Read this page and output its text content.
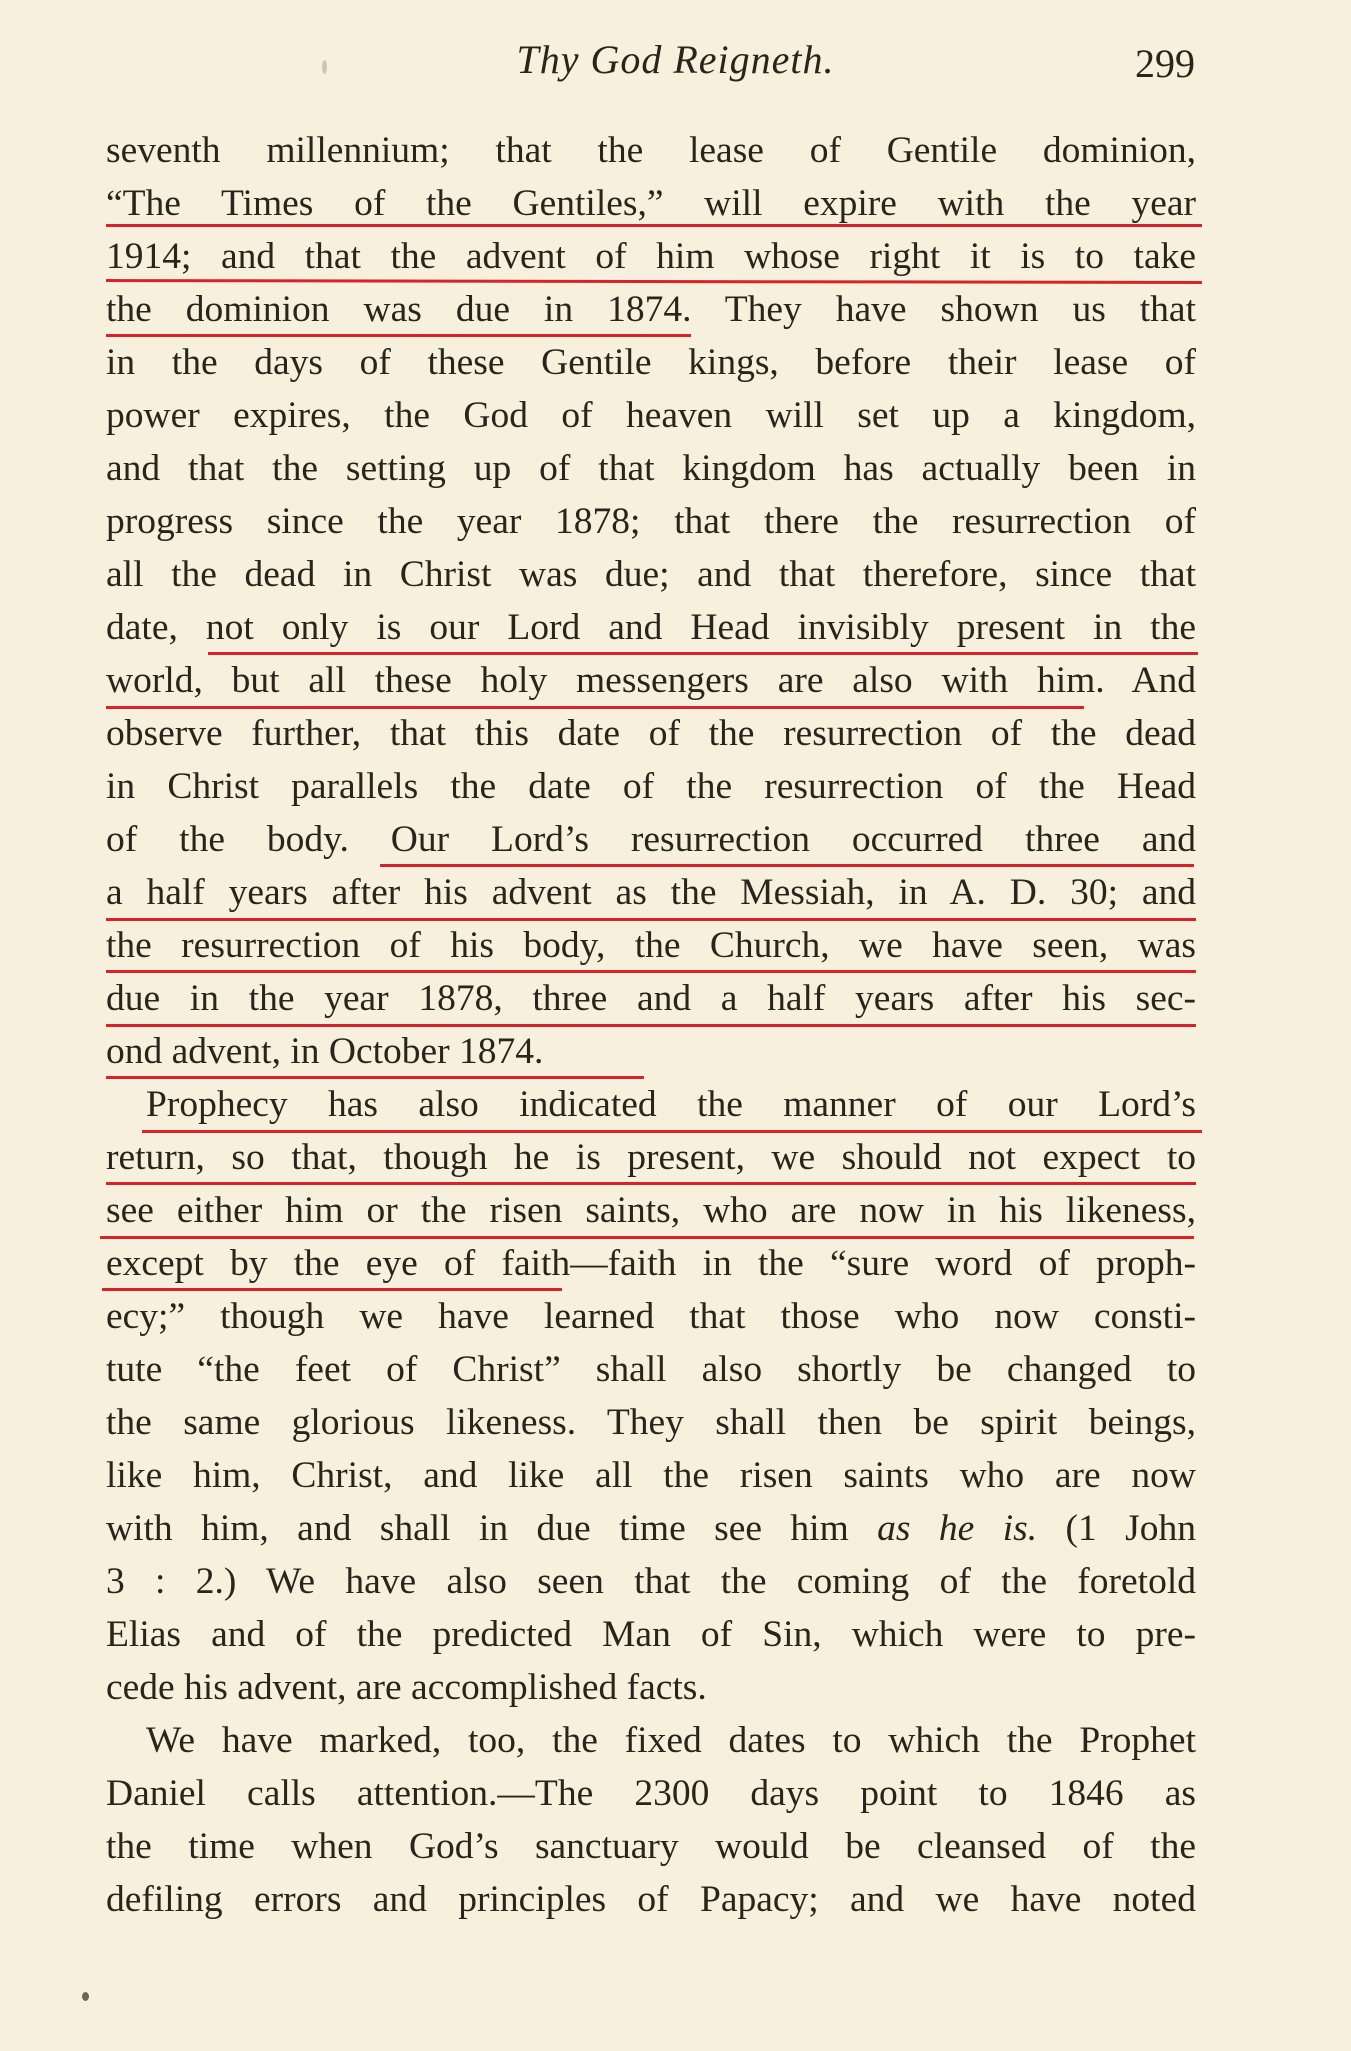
Thy God Reigneth.	299
seventh millennium; that the lease of Gentile dominion,
“The Times of the Gentiles,” will expire with the year
1914; and that the advent of him whose right it is to take
the dominion was due in 1874. They have shown us that
in the days of these Gentile kings, before their lease of
power expires, the God of heaven will set up a kingdom,
and that the setting up of that kingdom has actually been in
progress since the year 1878; that there the resurrection of
all the dead in Christ was due; and that therefore, since that
date, not only is our Lord and Head invisibly present in the
world, but all these holy messengers are also with him. And
observe further, that this date of the resurrection of the dead
in Christ parallels the date of the resurrection of the Head
of the body. Our Lord’s resurrection occurred three and
a half years after his advent as the Messiah, in A. D. 30; and
the resurrection of his body, the Church, we have seen, was
due in the year 1878, three and a half years after his sec-
ond advent, in October 1874.
Prophecy has also indicated the manner of our Lord’s
return, so that, though he is present, we should not expect to
see either him or the risen saints, who are now in his likeness,
except by the eye of faith—faith in the “sure word of proph-
ecy;” though we have learned that those who now consti-
tute “the feet of Christ” shall also shortly be changed to
the same glorious likeness. They shall then be spirit beings,
like him, Christ, and like all the risen saints who are now
with him, and shall in due time see him as he is. (1 John
3 : 2.) We have also seen that the coming of the foretold
Elias and of the predicted Man of Sin, which were to pre-
cede his advent, are accomplished facts.
We have marked, too, the fixed dates to which the Prophet
Daniel calls attention.—The 2300 days point to 1846 as
the time when God’s sanctuary would be cleansed of the
defiling errors and principles of Papacy; and we have noted
